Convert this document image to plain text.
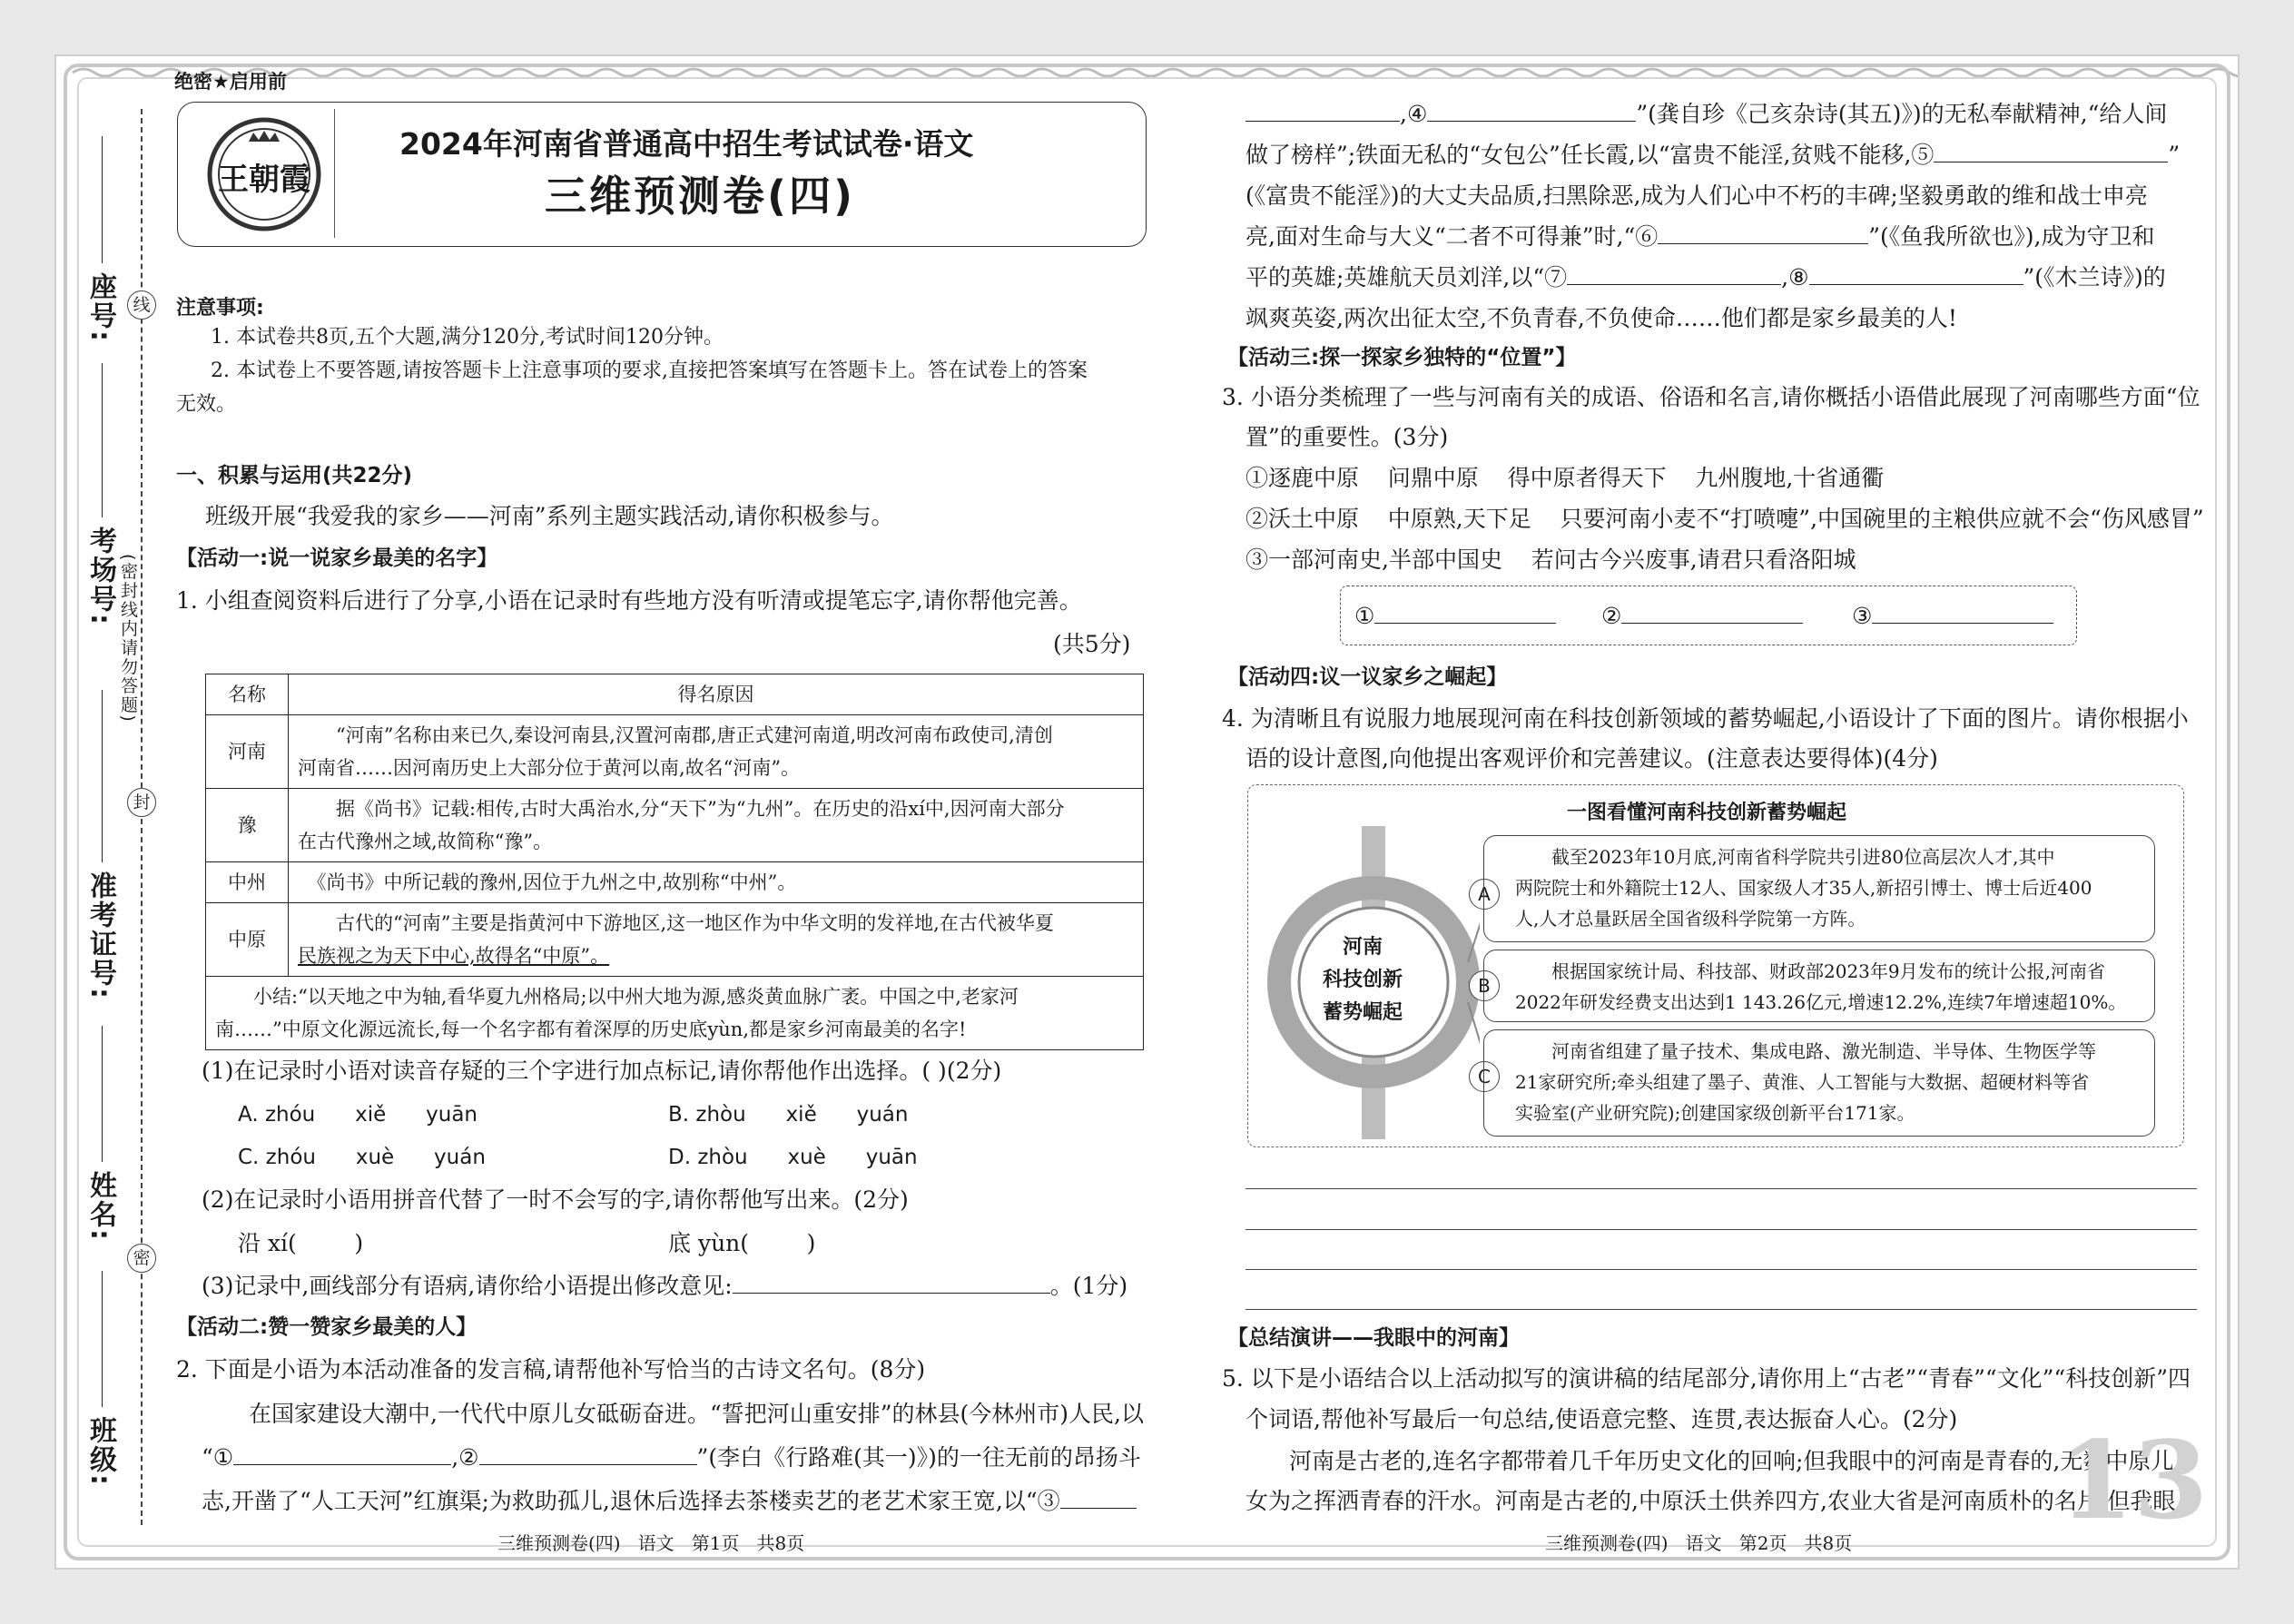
座号:
考场号:
准考证号:
姓名:
班级:
(密封线内请勿答题)
线
封
密
绝密★启用前
王朝霞
2024年河南省普通高中招生考试试卷·语文
三维预测卷(四)
注意事项:
1. 本试卷共8页,五个大题,满分120分,考试时间120分钟。
2. 本试卷上不要答题,请按答题卡上注意事项的要求,直接把答案填写在答题卡上。答在试卷上的答案
无效。
一、积累与运用(共22分)
班级开展“我爱我的家乡——河南”系列主题实践活动,请你积极参与。
【活动一:说一说家乡最美的名字】
1. 小组查阅资料后进行了分享,小语在记录时有些地方没有听清或提笔忘字,请你帮他完善。
(共5分)
名称	得名原因
河南	“河南”名称由来已久,秦设河南县,汉置河南郡,唐正式建河南道,明改河南布政使司,清创
河南省……因河南历史上大部分位于黄河以南,故名“河南”。

豫	据《尚书》记载:相传,古时大禹治水,分“天下”为“九州”。在历史的沿xí中,因河南大部分
在古代豫州之域,故简称“豫”。

中州	《尚书》中所记载的豫州,因位于九州之中,故别称“中州”。
中原	古代的“河南”主要是指黄河中下游地区,这一地区作为中华文明的发祥地,在古代被华夏
民族视之为天下中心,故得名“中原”。

小结:“以天地之中为轴,看华夏九州格局;以中州大地为源,感炎黄血脉广袤。中国之中,老家河
南……”中原文化源远流长,每一个名字都有着深厚的历史底yùn,都是家乡河南最美的名字!	
(1)在记录时小语对读音存疑的三个字进行加点标记,请你帮他作出选择。( )(2分)
A. zhóu      xiě      yuān	B. zhòu      xiě      yuán
C. zhóu      xuè      yuán	D. zhòu      xuè      yuān
(2)在记录时小语用拼音代替了一时不会写的字,请你帮他写出来。(2分)
沿 xí(        )	底 yùn(        )
(3)记录中,画线部分有语病,请你给小语提出修改意见:	。(1分)
【活动二:赞一赞家乡最美的人】
2. 下面是小语为本活动准备的发言稿,请帮他补写恰当的古诗文名句。(8分)
在国家建设大潮中,一代代中原儿女砥砺奋进。“誓把河山重安排”的林县(今林州市)人民,以
“①	,②	”(李白《行路难(其一)》)的一往无前的昂扬斗
志,开凿了“人工天河”红旗渠;为救助孤儿,退休后选择去茶楼卖艺的老艺术家王宽,以“③
三维预测卷(四)   语文   第1页   共8页
,④	”(龚自珍《己亥杂诗(其五)》)的无私奉献精神,“给人间
做了榜样”;铁面无私的“女包公”任长霞,以“富贵不能淫,贫贱不能移,⑤	”
(《富贵不能淫》)的大丈夫品质,扫黑除恶,成为人们心中不朽的丰碑;坚毅勇敢的维和战士申亮
亮,面对生命与大义“二者不可得兼”时,“⑥	”(《鱼我所欲也》),成为守卫和
平的英雄;英雄航天员刘洋,以“⑦	,⑧	”(《木兰诗》)的
飒爽英姿,两次出征太空,不负青春,不负使命……他们都是家乡最美的人!
【活动三:探一探家乡独特的“位置”】
3. 小语分类梳理了一些与河南有关的成语、俗语和名言,请你概括小语借此展现了河南哪些方面“位
置”的重要性。(3分)
①逐鹿中原    问鼎中原    得中原者得天下    九州腹地,十省通衢
②沃土中原    中原熟,天下足    只要河南小麦不“打喷嚏”,中国碗里的主粮供应就不会“伤风感冒”
③一部河南史,半部中国史    若问古今兴废事,请君只看洛阳城
①	②	③
【活动四:议一议家乡之崛起】
4. 为清晰且有说服力地展现河南在科技创新领域的蓄势崛起,小语设计了下面的图片。请你根据小
语的设计意图,向他提出客观评价和完善建议。(注意表达要得体)(4分)
一图看懂河南科技创新蓄势崛起
河南
科技创新
蓄势崛起
A
B
C
截至2023年10月底,河南省科学院共引进80位高层次人才,其中
两院院士和外籍院士12人、国家级人才35人,新招引博士、博士后近400
人,人才总量跃居全国省级科学院第一方阵。
根据国家统计局、科技部、财政部2023年9月发布的统计公报,河南省
2022年研发经费支出达到1 143.26亿元,增速12.2%,连续7年增速超10%。
河南省组建了量子技术、集成电路、激光制造、半导体、生物医学等
21家研究所;牵头组建了墨子、黄淮、人工智能与大数据、超硬材料等省
实验室(产业研究院);创建国家级创新平台171家。
【总结演讲——我眼中的河南】
5. 以下是小语结合以上活动拟写的演讲稿的结尾部分,请你用上“古老”“青春”“文化”“科技创新”四
个词语,帮他补写最后一句总结,使语意完整、连贯,表达振奋人心。(2分)
河南是古老的,连名字都带着几千年历史文化的回响;但我眼中的河南是青春的,无数中原儿
女为之挥洒青春的汗水。河南是古老的,中原沃土供养四方,农业大省是河南质朴的名片;但我眼
13
三维预测卷(四)   语文   第2页   共8页
